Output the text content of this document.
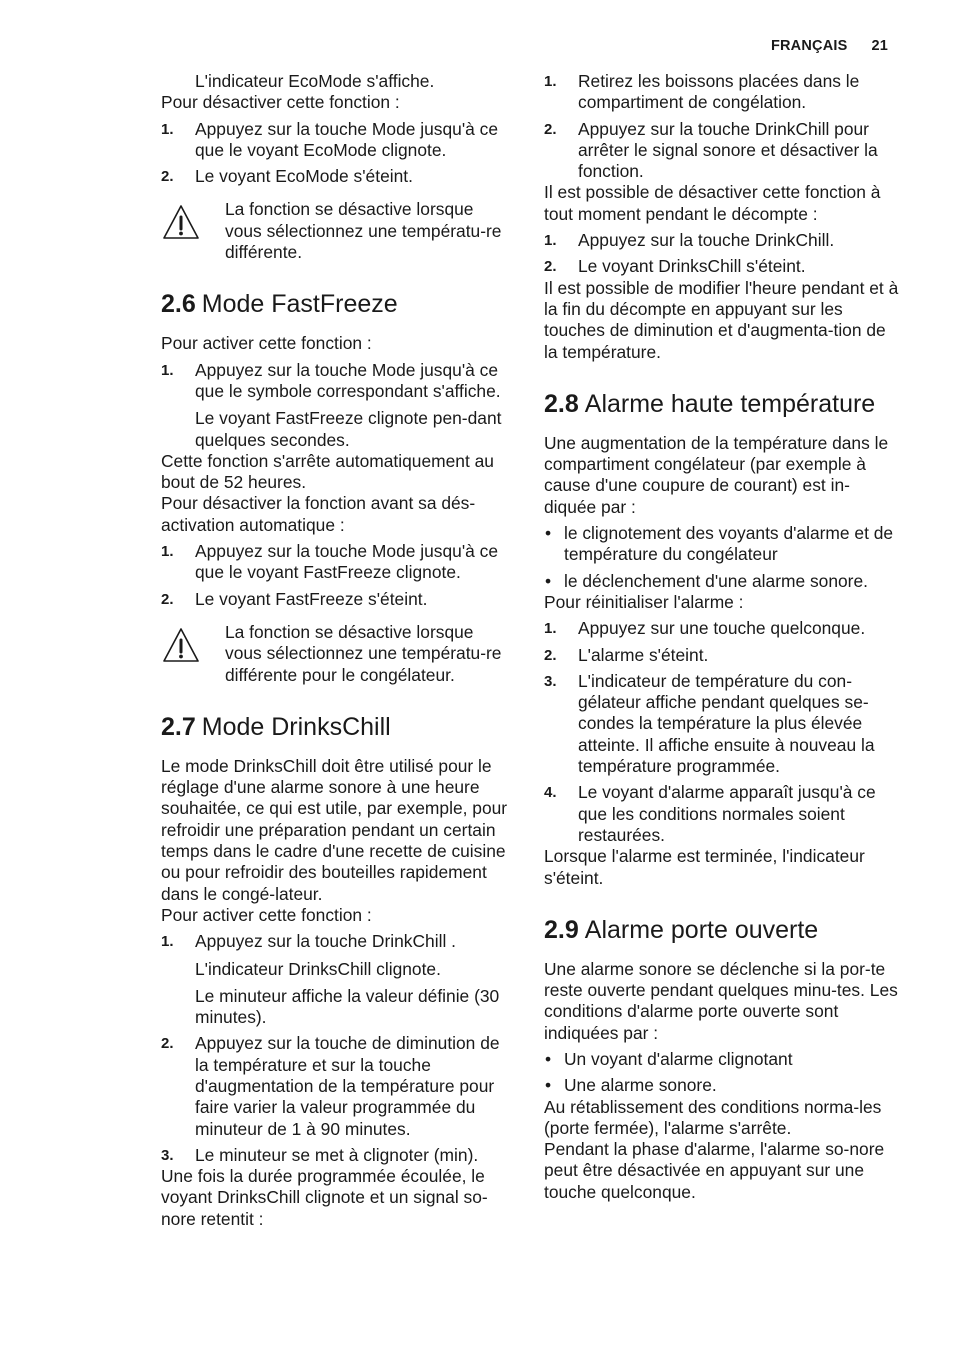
FRANÇAIS 21

L'indicateur EcoMode s'affiche.

Pour désactiver cette fonction :

1.	Appuyez sur la touche Mode jusqu'à ce que le voyant EcoMode clignote.
2.	Le voyant EcoMode s'éteint.

La fonction se désactive lorsque vous sélectionnez une températu-re différente.

2.6 Mode FastFreeze

Pour activer cette fonction :

1.	Appuyez sur la touche Mode jusqu'à ce que le symbole correspondant s'affiche.

Le voyant FastFreeze clignote pen-dant quelques secondes.

Cette fonction s'arrête automatiquement au bout de 52 heures.

Pour désactiver la fonction avant sa dés-activation automatique :

1.	Appuyez sur la touche Mode jusqu'à ce que le voyant FastFreeze clignote.
2.	Le voyant FastFreeze s'éteint.

La fonction se désactive lorsque vous sélectionnez une températu-re différente pour le congélateur.

2.7 Mode DrinksChill

Le mode DrinksChill doit être utilisé pour le réglage d'une alarme sonore à une heure souhaitée, ce qui est utile, par exemple, pour refroidir une préparation pendant un certain temps dans le cadre d'une recette de cuisine ou pour refroidir des bouteilles rapidement dans le congé-lateur.

Pour activer cette fonction :

1.	Appuyez sur la touche DrinkChill .

L'indicateur DrinksChill clignote.

Le minuteur affiche la valeur définie (30 minutes).

2.	Appuyez sur la touche de diminution de la température et sur la touche d'augmentation de la température pour faire varier la valeur programmée du minuteur de 1 à 90 minutes.
3.	Le minuteur se met à clignoter (min).

Une fois la durée programmée écoulée, le voyant DrinksChill clignote et un signal so-nore retentit :

1.	Retirez les boissons placées dans le compartiment de congélation.
2.	Appuyez sur la touche DrinkChill pour arrêter le signal sonore et désactiver la fonction.

Il est possible de désactiver cette fonction à tout moment pendant le décompte :

1.	Appuyez sur la touche DrinkChill.
2.	Le voyant DrinksChill s'éteint.

Il est possible de modifier l'heure pendant et à la fin du décompte en appuyant sur les touches de diminution et d'augmenta-tion de la température.

2.8 Alarme haute température

Une augmentation de la température dans le compartiment congélateur (par exemple à cause d'une coupure de courant) est in-diquée par :

• le clignotement des voyants d'alarme et de température du congélateur
• le déclenchement d'une alarme sonore.

Pour réinitialiser l'alarme :

1.	Appuyez sur une touche quelconque.
2.	L'alarme s'éteint.
3.	L'indicateur de température du con-gélateur affiche pendant quelques se-condes la température la plus élevée atteinte. Il affiche ensuite à nouveau la température programmée.
4.	Le voyant d'alarme apparaît jusqu'à ce que les conditions normales soient restaurées.

Lorsque l'alarme est terminée, l'indicateur s'éteint.

2.9 Alarme porte ouverte

Une alarme sonore se déclenche si la por-te reste ouverte pendant quelques minu-tes. Les conditions d'alarme porte ouverte sont indiquées par :

• Un voyant d'alarme clignotant
• Une alarme sonore.

Au rétablissement des conditions norma-les (porte fermée), l'alarme s'arrête.

Pendant la phase d'alarme, l'alarme so-nore peut être désactivée en appuyant sur une touche quelconque.
